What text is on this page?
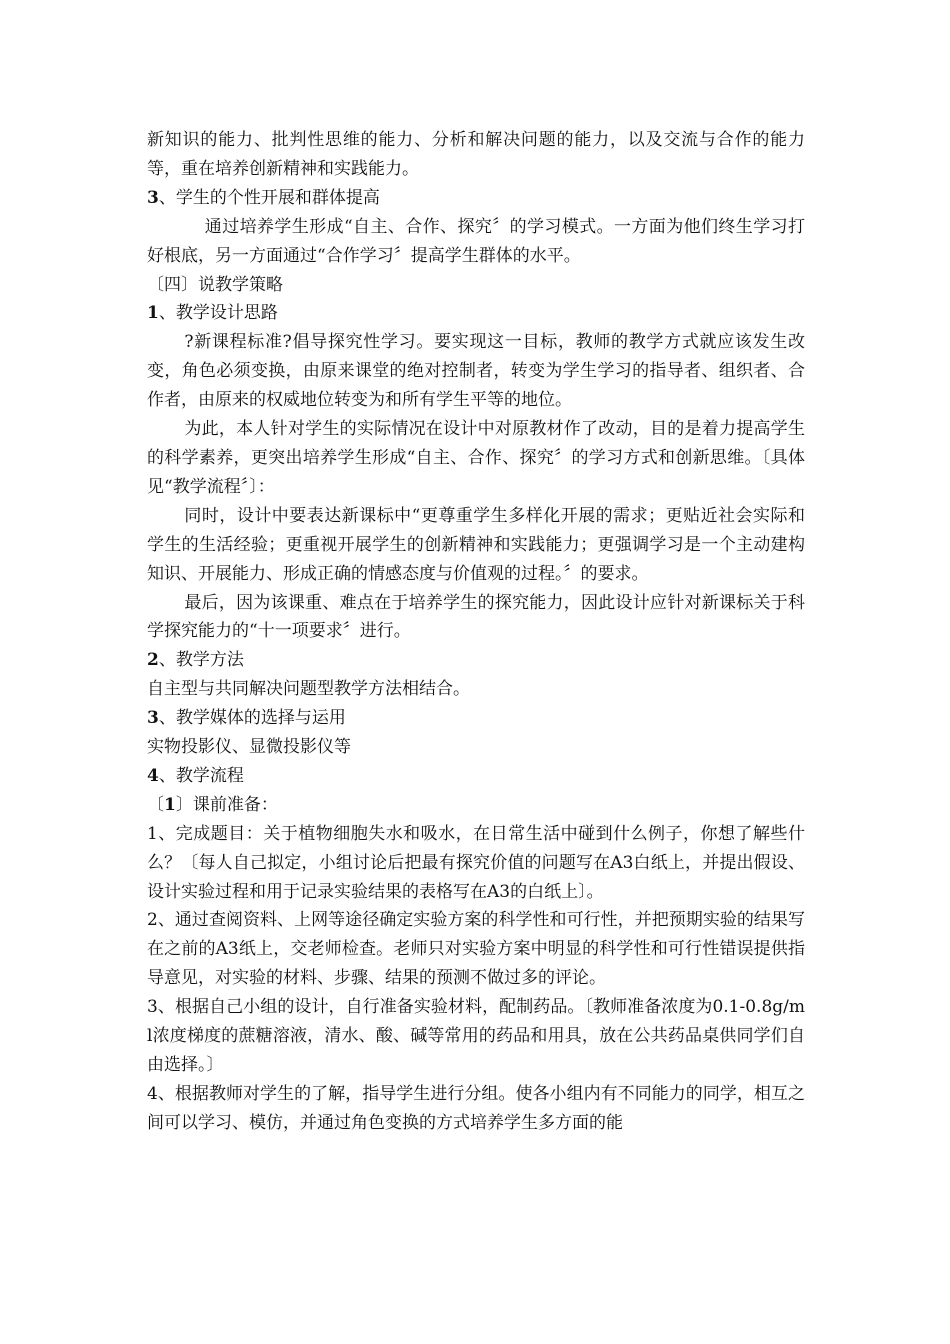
新知识的能力、批判性思维的能力、分析和解决问题的能力，以及交流与合作的能力等，重在培养创新精神和实践能力。

3、学生的个性开展和群体提高

通过培养学生形成“自主、合作、探究〞的学习模式。一方面为他们终生学习打好根底，另一方面通过“合作学习〞提高学生群体的水平。

〔四〕说教学策略

1、教学设计思路

?新课程标准?倡导探究性学习。要实现这一目标，教师的教学方式就应该发生改变，角色必须变换，由原来课堂的绝对控制者，转变为学生学习的指导者、组织者、合作者，由原来的权威地位转变为和所有学生平等的地位。

为此，本人针对学生的实际情况在设计中对原教材作了改动，目的是着力提高学生的科学素养，更突出培养学生形成“自主、合作、探究〞的学习方式和创新思维。〔具体见“教学流程〞〕：

同时，设计中要表达新课标中“更尊重学生多样化开展的需求；更贴近社会实际和学生的生活经验；更重视开展学生的创新精神和实践能力；更强调学习是一个主动建构知识、开展能力、形成正确的情感态度与价值观的过程。〞的要求。

最后，因为该课重、难点在于培养学生的探究能力，因此设计应针对新课标关于科学探究能力的“十一项要求〞进行。

2、教学方法

自主型与共同解决问题型教学方法相结合。

3、教学媒体的选择与运用

实物投影仪、显微投影仪等

4、教学流程

〔1〕课前准备：

1、完成题目：关于植物细胞失水和吸水，在日常生活中碰到什么例子，你想了解些什么？〔每人自己拟定，小组讨论后把最有探究价值的问题写在A3白纸上，并提出假设、设计实验过程和用于记录实验结果的表格写在A3的白纸上〕。

2、通过查阅资料、上网等途径确定实验方案的科学性和可行性，并把预期实验的结果写在之前的A3纸上，交老师检查。老师只对实验方案中明显的科学性和可行性错误提供指导意见，对实验的材料、步骤、结果的预测不做过多的评论。

3、根据自己小组的设计，自行准备实验材料，配制药品。〔教师准备浓度为0.1-0.8g/ml浓度梯度的蔗糖溶液，清水、酸、碱等常用的药品和用具，放在公共药品桌供同学们自由选择。〕

4、根据教师对学生的了解，指导学生进行分组。使各小组内有不同能力的同学，相互之间可以学习、模仿，并通过角色变换的方式培养学生多方面的能
